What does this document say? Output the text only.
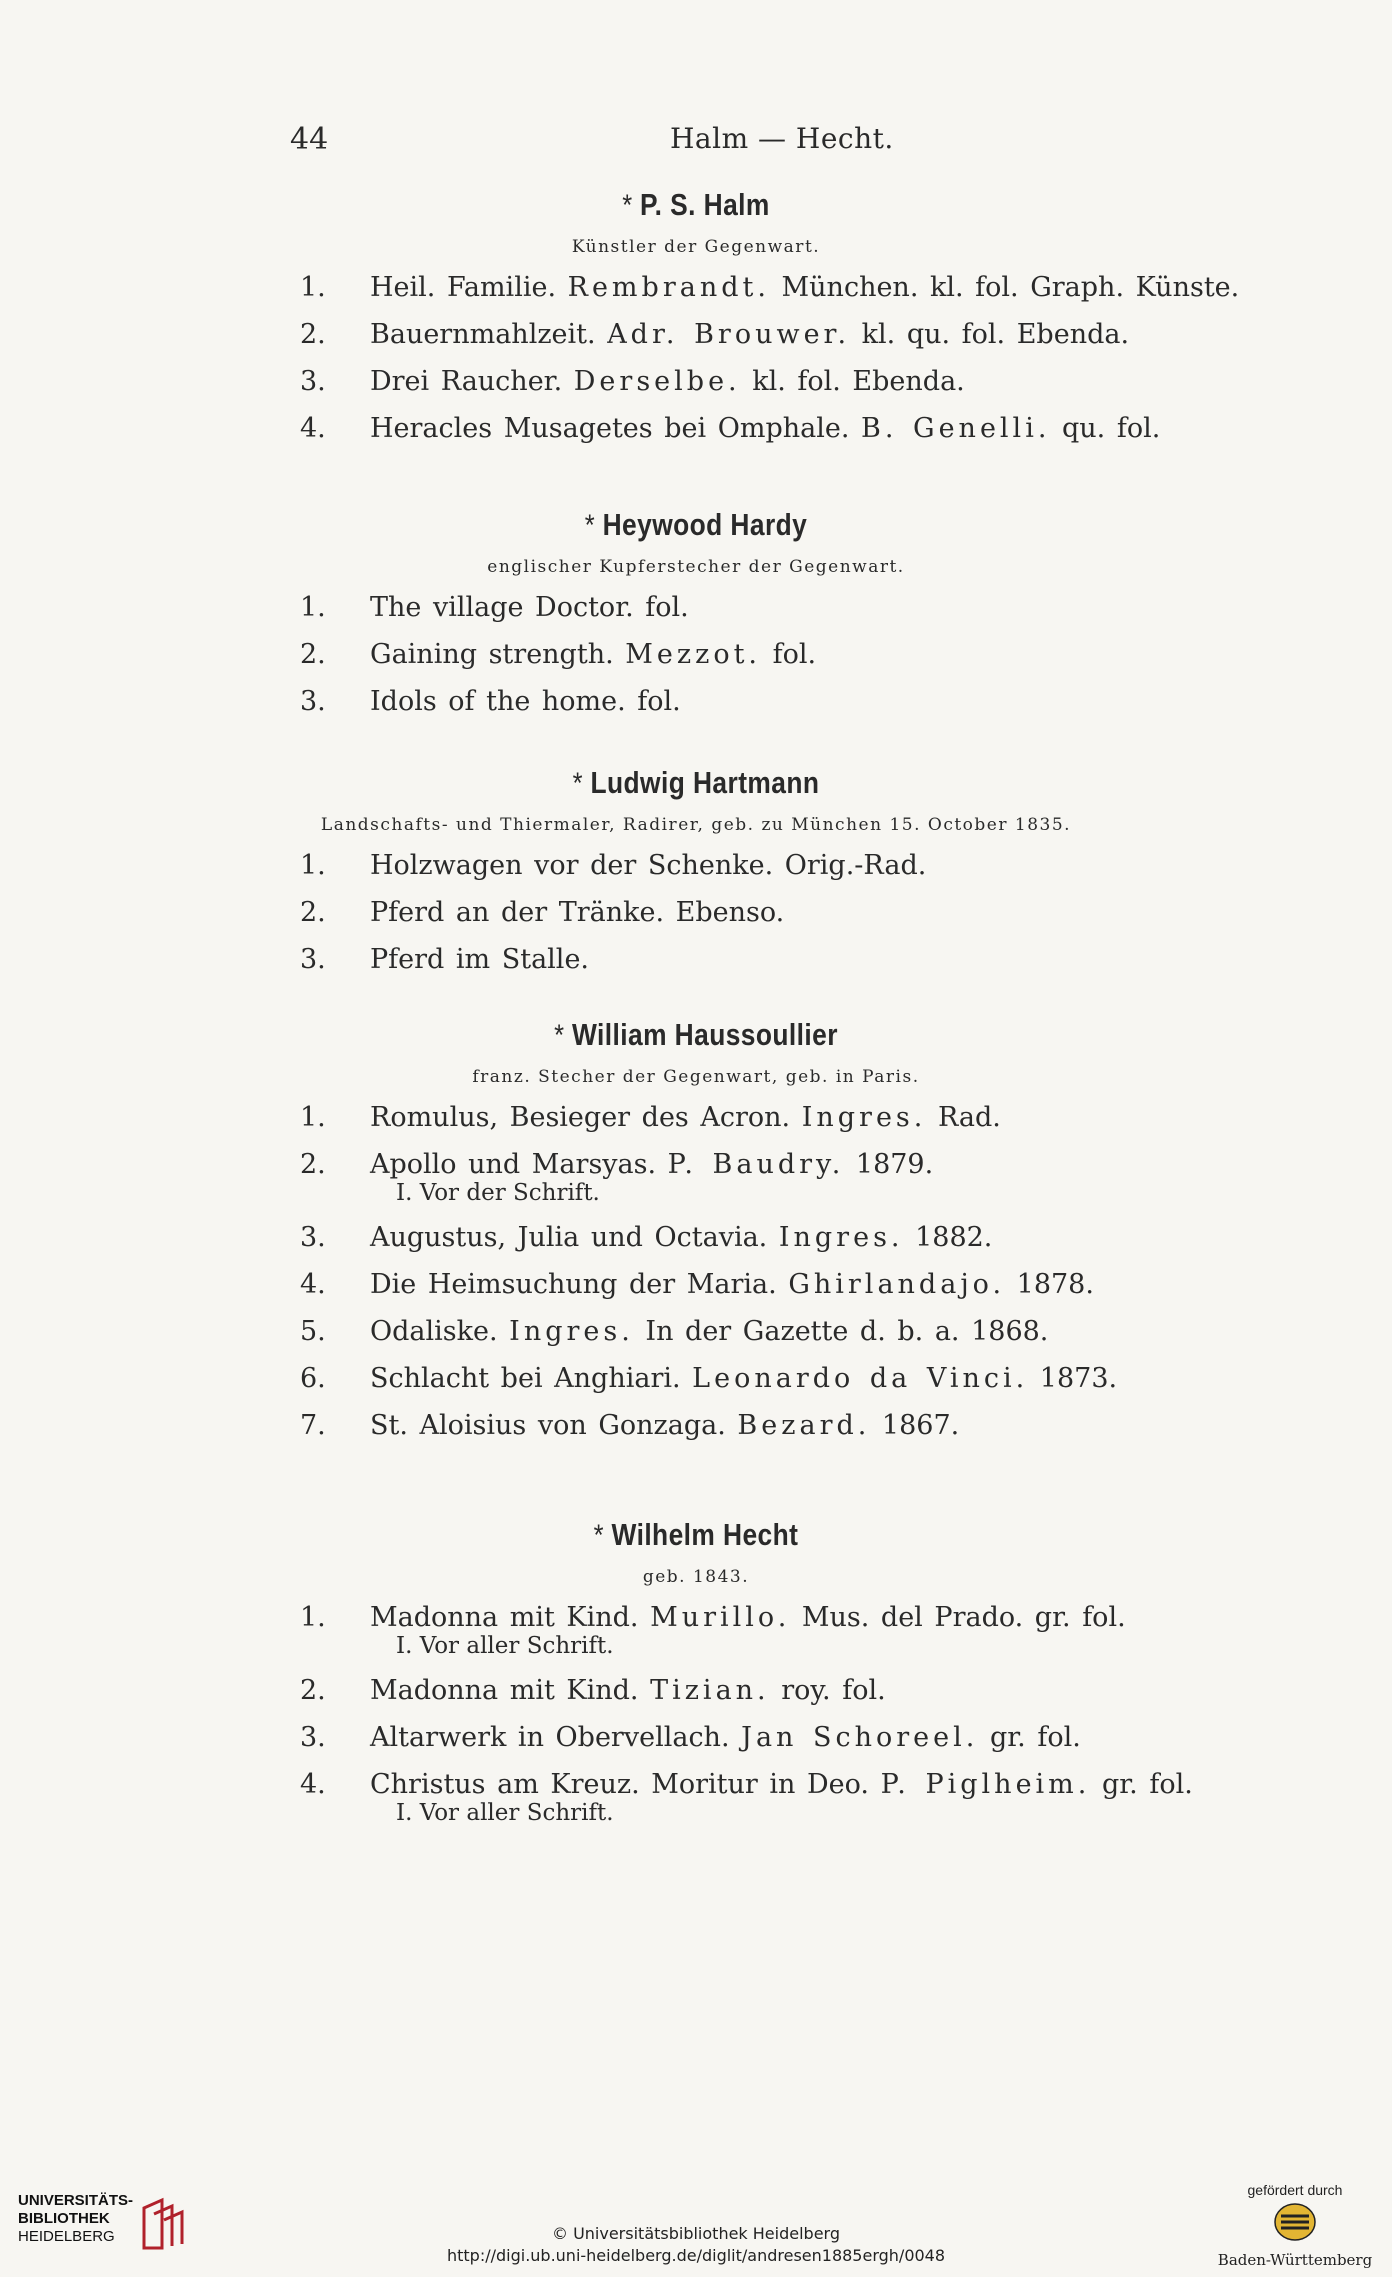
44	Halm — Hecht.
* P. S. Halm
Künstler der Gegenwart.
1. Heil. Familie. Rembrandt. München. kl. fol. Graph. Künste.
2. Bauernmahlzeit. Adr. Brouwer. kl. qu. fol. Ebenda.
3. Drei Raucher. Derselbe. kl. fol. Ebenda.
4. Heracles Musagetes bei Omphale. B. Genelli. qu. fol.
* Heywood Hardy
englischer Kupferstecher der Gegenwart.
1. The village Doctor. fol.
2. Gaining strength. Mezzot. fol.
3. Idols of the home. fol.
* Ludwig Hartmann
Landschafts- und Thiermaler, Radirer, geb. zu München 15. October 1835.
1. Holzwagen vor der Schenke. Orig.-Rad.
2. Pferd an der Tränke. Ebenso.
3. Pferd im Stalle.
* William Haussoullier
franz. Stecher der Gegenwart, geb. in Paris.
1. Romulus, Besieger des Acron. Ingres. Rad.
2. Apollo und Marsyas. P. Baudry. 1879.
I. Vor der Schrift.
3. Augustus, Julia und Octavia. Ingres. 1882.
4. Die Heimsuchung der Maria. Ghirlandajo. 1878.
5. Odaliske. Ingres. In der Gazette d. b. a. 1868.
6. Schlacht bei Anghiari. Leonardo da Vinci. 1873.
7. St. Aloisius von Gonzaga. Bezard. 1867.
* Wilhelm Hecht
geb. 1843.
1. Madonna mit Kind. Murillo. Mus. del Prado. gr. fol.
I. Vor aller Schrift.
2. Madonna mit Kind. Tizian. roy. fol.
3. Altarwerk in Obervellach. Jan Schoreel. gr. fol.
4. Christus am Kreuz. Moritur in Deo. P. Piglheim. gr. fol.
I. Vor aller Schrift.
UNIVERSITÄTS-
BIBLIOTHEK
HEIDELBERG	© Universitätsbibliothek Heidelberg
http://digi.ub.uni-heidelberg.de/diglit/andresen1885ergh/0048
gefördert durch
Baden-Württemberg
